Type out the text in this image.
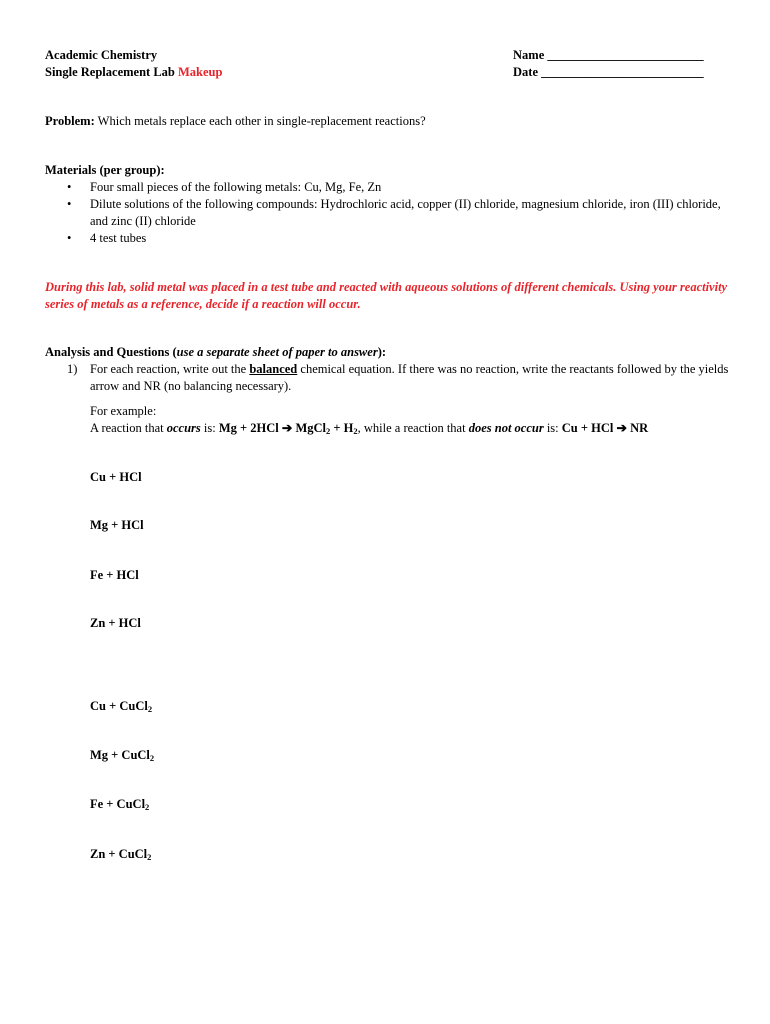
Academic Chemistry
Single Replacement Lab Makeup
Name _________________________
Date __________________________
Problem: Which metals replace each other in single-replacement reactions?
Materials (per group):
• Four small pieces of the following metals: Cu, Mg, Fe, Zn
• Dilute solutions of the following compounds: Hydrochloric acid, copper (II) chloride, magnesium chloride, iron (III) chloride, and zinc (II) chloride
• 4 test tubes
During this lab, solid metal was placed in a test tube and reacted with aqueous solutions of different chemicals. Using your reactivity series of metals as a reference, decide if a reaction will occur.
Analysis and Questions (use a separate sheet of paper to answer):
1) For each reaction, write out the balanced chemical equation. If there was no reaction, write the reactants followed by the yields arrow and NR (no balancing necessary).
For example:
A reaction that occurs is: Mg + 2HCl ➔ MgCl$_2$ + $H_2$, while a reaction that does not occur is: Cu + HCl ➔ NR
Cu + HCl
Mg + HCl
Fe + HCl
Zn + HCl
Cu + CuCl$_2$
Mg + CuCl$_2$
Fe + CuCl$_2$
Zn + CuCl$_2$
